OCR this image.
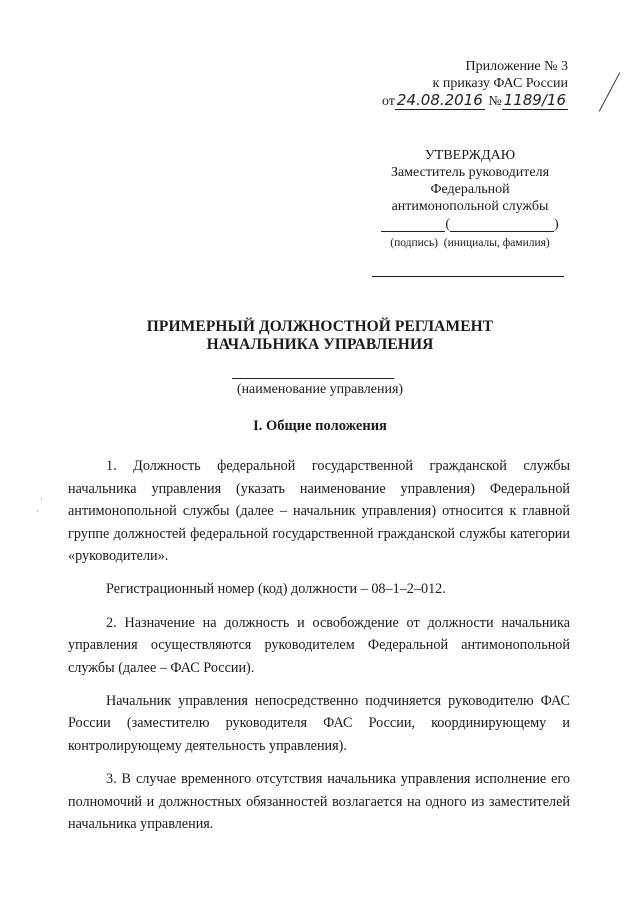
Приложение № 3
к приказу ФАС России
от 24.08.2016 № 1189/16
УТВЕРЖДАЮ
Заместитель руководителя
Федеральной
антимонопольной службы
(	)
(подпись) (инициалы, фамилия)
ПРИМЕРНЫЙ ДОЛЖНОСТНОЙ РЕГЛАМЕНТ
НАЧАЛЬНИКА УПРАВЛЕНИЯ
(наименование управления)
I. Общие положения

1. Должность федеральной государственной гражданской службы начальника управления (указать наименование управления) Федеральной антимонопольной службы (далее – начальник управления) относится к главной группе должностей федеральной государственной гражданской службы категории «руководители».

Регистрационный номер (код) должности – 08–1–2–012.

2. Назначение на должность и освобождение от должности начальника управления осуществляются руководителем Федеральной антимонопольной службы (далее – ФАС России).

Начальник управления непосредственно подчиняется руководителю ФАС России (заместителю руководителя ФАС России, координирующему и контролирующему деятельность управления).

3. В случае временного отсутствия начальника управления исполнение его полномочий и должностных обязанностей возлагается на одного из заместителей начальника управления.

·
·
